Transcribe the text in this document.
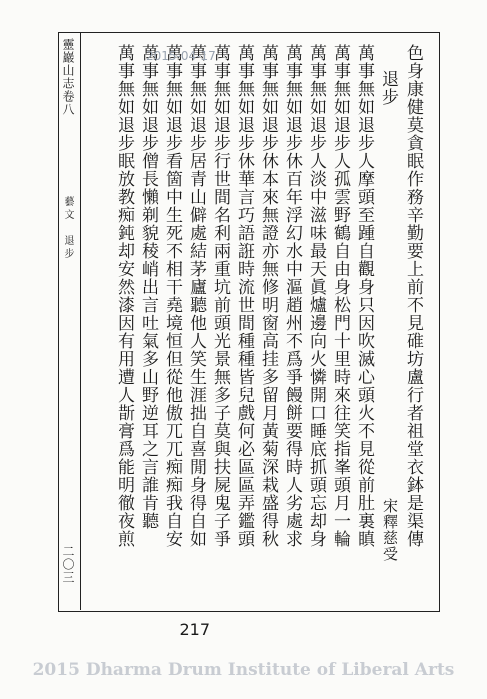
靈巖山志卷八
藝文　退步
二〇三
色身康健莫貪眠作務辛勤要上前不見碓坊盧行者祖堂衣鉢是渠傳
退步
萬事無如退步人摩頭至踵自觀身只因吹滅心頭火不見從前肚裏瞋
萬事無如退步人孤雲野鶴自由身松門十里時來往笑指峯頭月一輪
萬事無如退步人淡中滋味最天眞爐邊向火憐開口睡底抓頭忘却身
萬事無如退步休百年浮幻水中漚趙州不爲爭饅餅要得時人劣處求
萬事無如退步休本來無證亦無修明窗高挂多留月黃菊深栽盛得秋
萬事無如退步休華言巧語誑時流世間種種皆兒戲何必區區弄鑑頭
萬事無如退步行世間名利兩重坑前頭光景無多子莫與扶屍鬼子爭
萬事無如退步居青山僻處結茅廬聽他人笑生涯拙自喜閒身得自如
萬事無如退步看箇中生死不相干堯境恒但從他傲兀兀痴痴我自安
萬事無如退步僧長懶剃貌稜峭出言吐氣多山野逆耳之言誰肯聽
萬事無如退步眠放教痴鈍却安然漆因有用遭人斮膏爲能明徹夜煎	宋釋慈受
2015-04-17
217
2015 Dharma Drum Institute of Liberal Arts
